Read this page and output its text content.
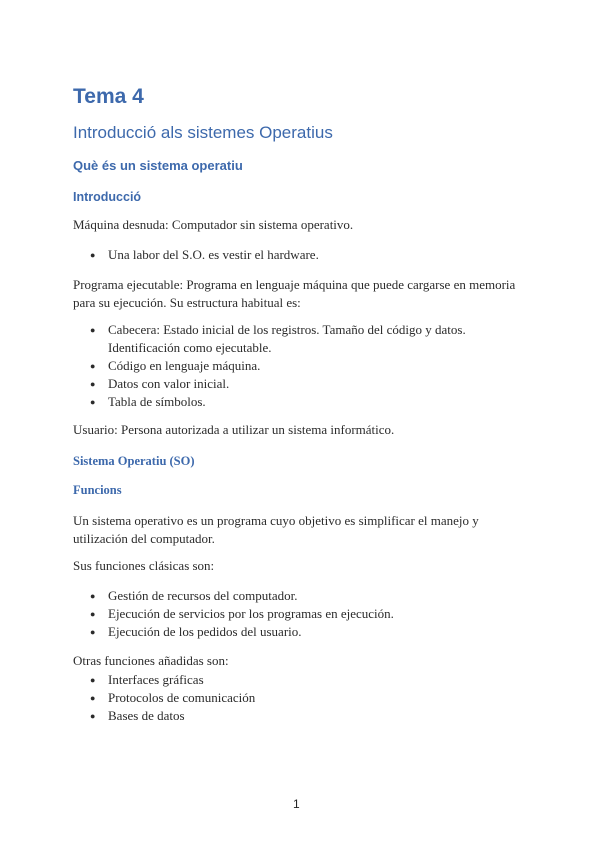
Tema 4
Introducció als sistemes Operatius
Què és un sistema operatiu
Introducció

Máquina desnuda: Computador sin sistema operativo.

● Una labor del S.O. es vestir el hardware.

Programa ejecutable: Programa en lenguaje máquina que puede cargarse en memoria para su ejecución. Su estructura habitual es:

● Cabecera: Estado inicial de los registros. Tamaño del código y datos. Identificación como ejecutable.
● Código en lenguaje máquina.
● Datos con valor inicial.
● Tabla de símbolos.

Usuario: Persona autorizada a utilizar un sistema informático.

Sistema Operatiu (SO)
Funcions

Un sistema operativo es un programa cuyo objetivo es simplificar el manejo y utilización del computador.

Sus funciones clásicas son:

● Gestión de recursos del computador.
● Ejecución de servicios por los programas en ejecución.
● Ejecución de los pedidos del usuario.

Otras funciones añadidas son:

● Interfaces gráficas
● Protocolos de comunicación
● Bases de datos
1
